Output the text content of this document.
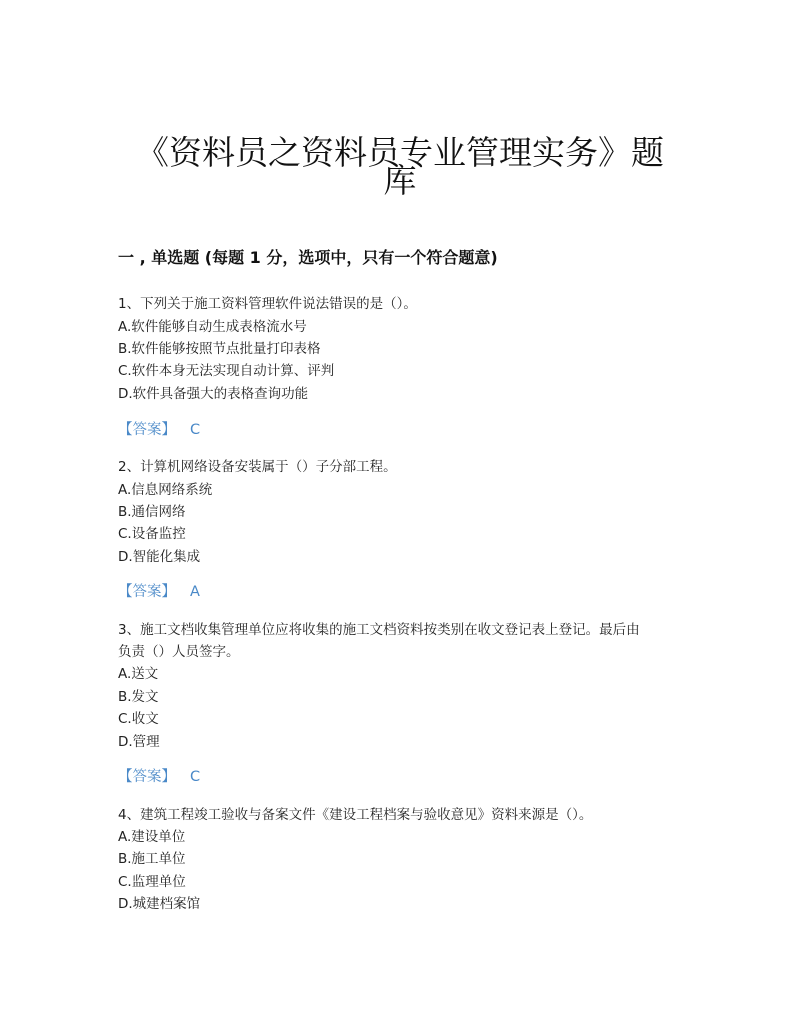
《资料员之资料员专业管理实务》题
库
一 , 单选题 (每题 1 分，选项中，只有一个符合题意)
1、下列关于施工资料管理软件说法错误的是（）。
A.软件能够自动生成表格流水号
B.软件能够按照节点批量打印表格
C.软件本身无法实现自动计算、评判
D.软件具备强大的表格查询功能
【答案】 C
2、计算机网络设备安装属于（）子分部工程。
A.信息网络系统
B.通信网络
C.设备监控
D.智能化集成
【答案】 A
3、施工文档收集管理单位应将收集的施工文档资料按类别在收文登记表上登记。最后由
负责（）人员签字。
A.送文
B.发文
C.收文
D.管理
【答案】 C
4、建筑工程竣工验收与备案文件《建设工程档案与验收意见》资料来源是（）。
A.建设单位
B.施工单位
C.监理单位
D.城建档案馆
